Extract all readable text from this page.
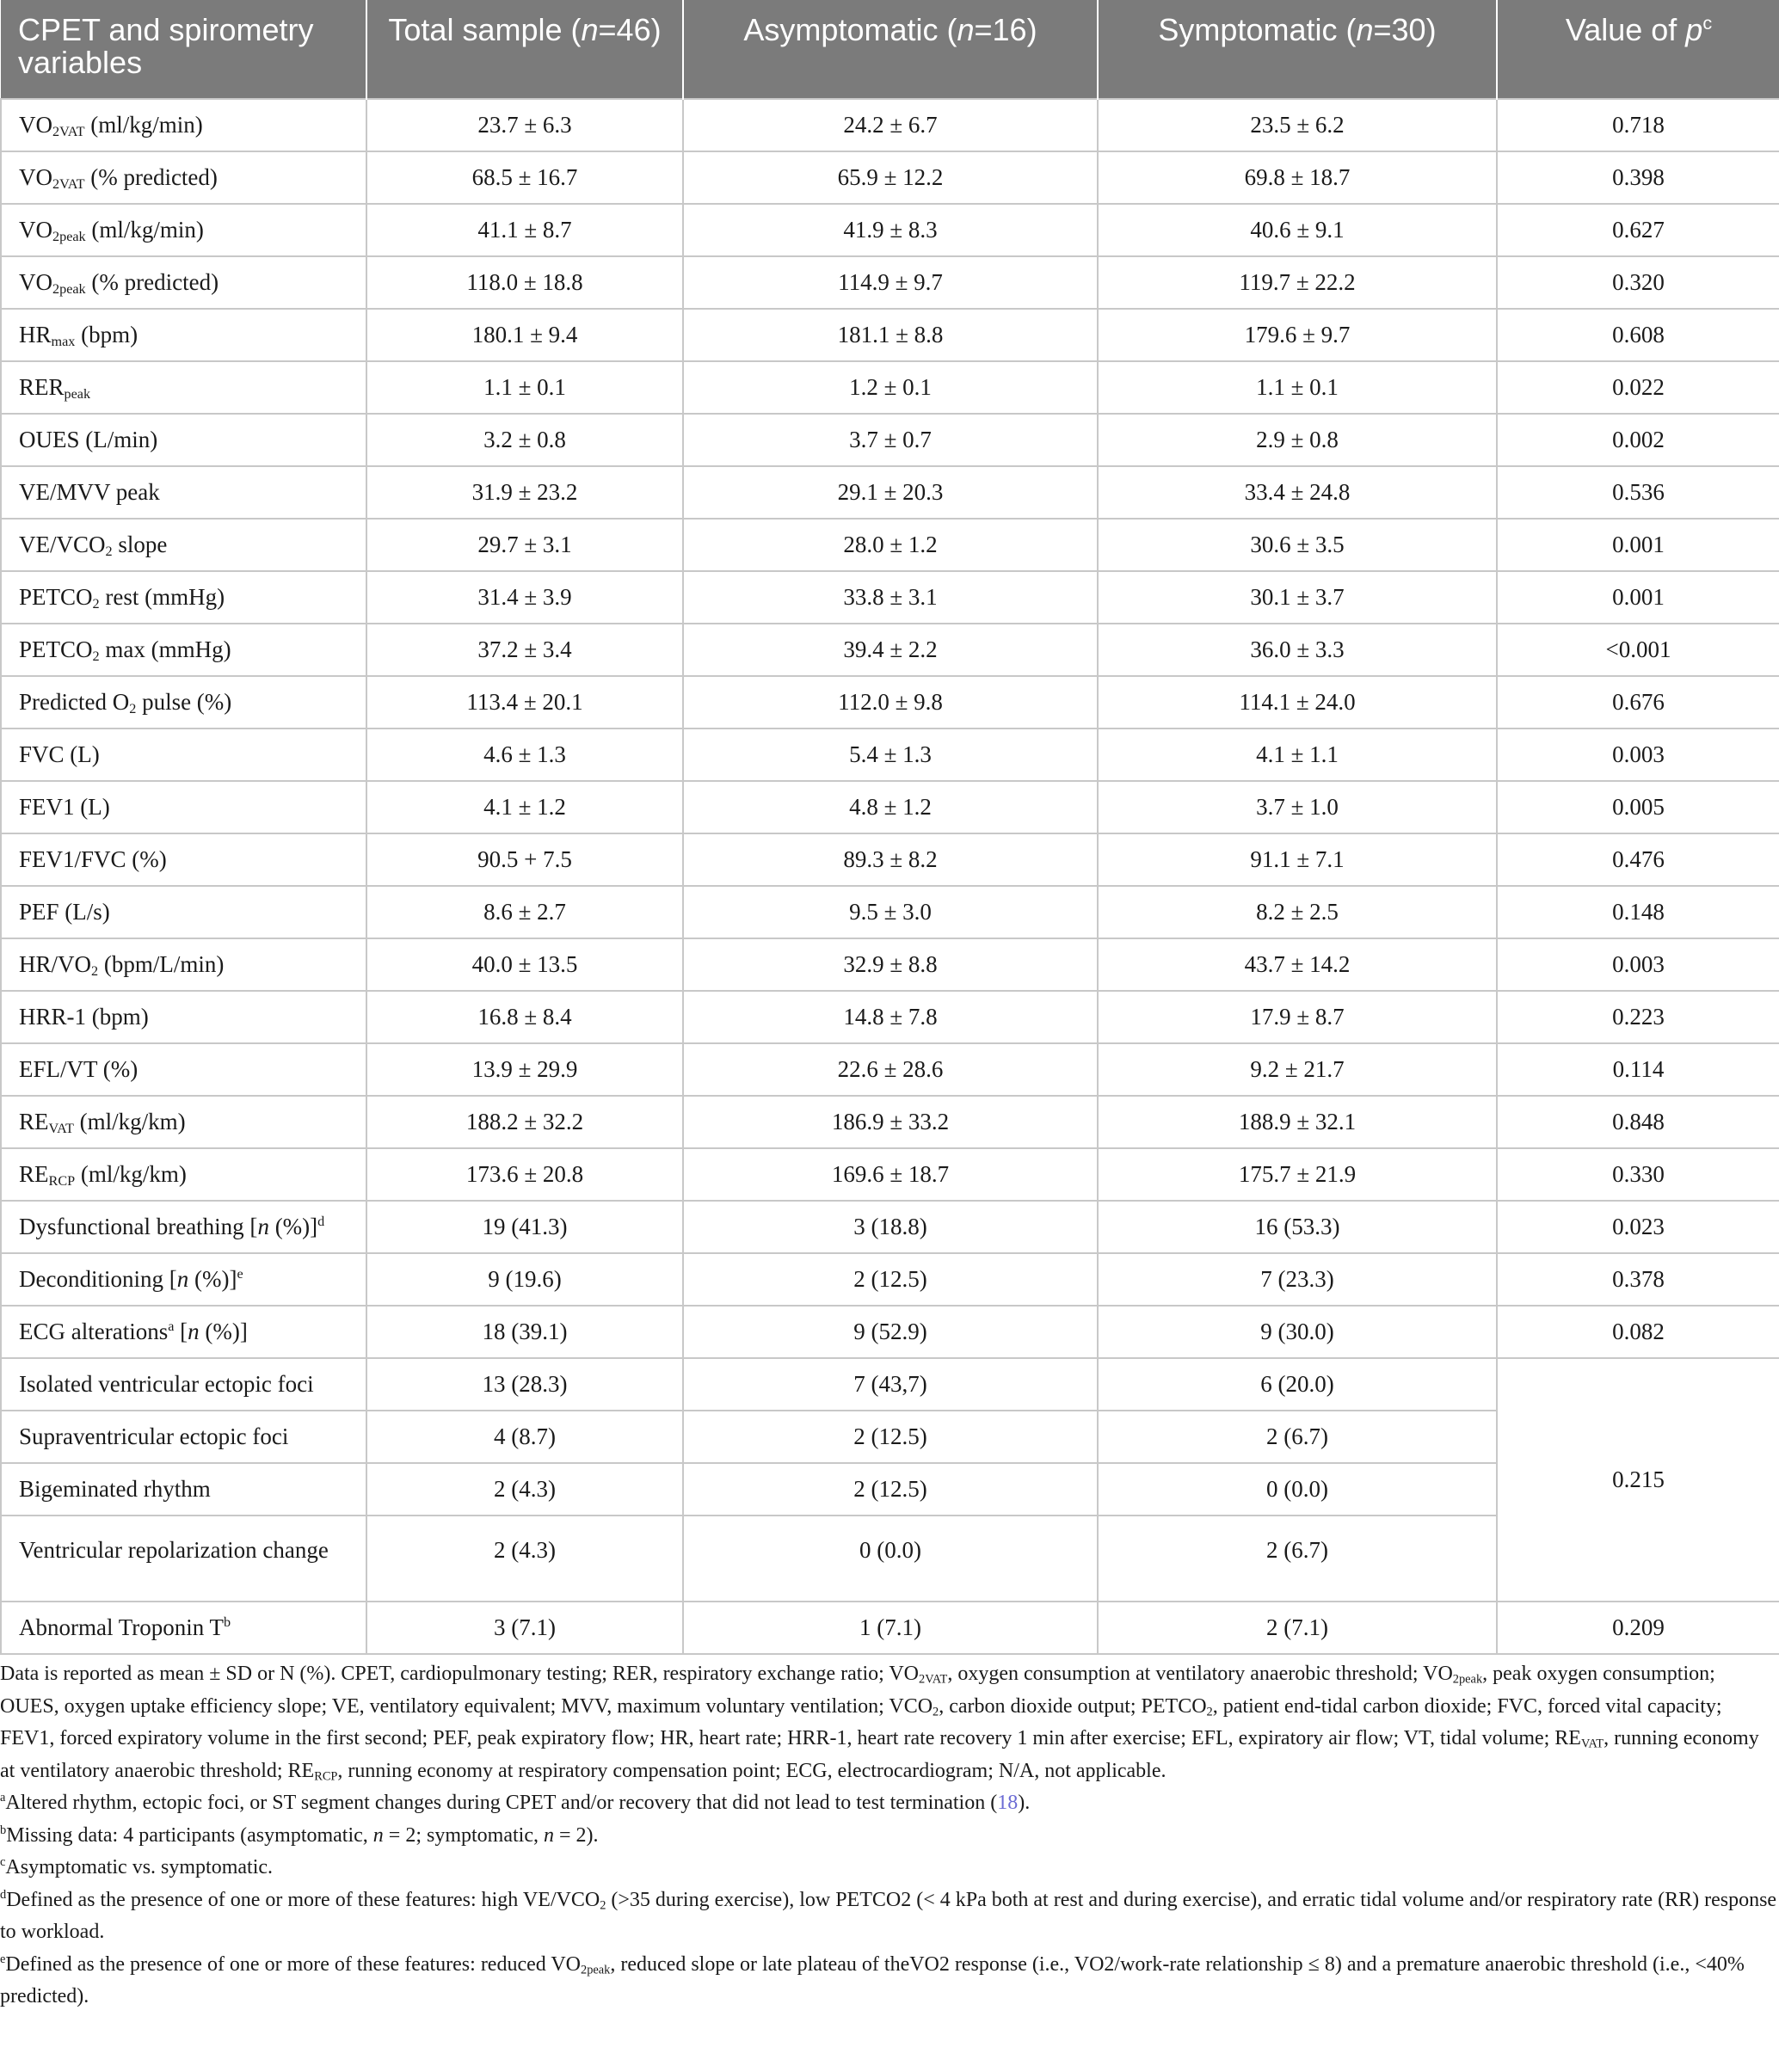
CPET and spirometry variables	Total sample (n=46)	Asymptomatic (n=16)	Symptomatic (n=30)	Value of $p^c$
$VO_{2VAT}$ (ml/kg/min)	23.7 ± 6.3	24.2 ± 6.7	23.5 ± 6.2	0.718
$VO_{2VAT}$ (% predicted)	68.5 ± 16.7	65.9 ± 12.2	69.8 ± 18.7	0.398
$VO_{2peak}$ (ml/kg/min)	41.1 ± 8.7	41.9 ± 8.3	40.6 ± 9.1	0.627
$VO_{2peak}$ (% predicted)	118.0 ± 18.8	114.9 ± 9.7	119.7 ± 22.2	0.320
$HR_{max}$ (bpm)	180.1 ± 9.4	181.1 ± 8.8	179.6 ± 9.7	0.608
$RER_{peak}$	1.1 ± 0.1	1.2 ± 0.1	1.1 ± 0.1	0.022
OUES (L/min)	3.2 ± 0.8	3.7 ± 0.7	2.9 ± 0.8	0.002
VE/MVV peak	31.9 ± 23.2	29.1 ± 20.3	33.4 ± 24.8	0.536
$VE/VCO_2$ slope	29.7 ± 3.1	28.0 ± 1.2	30.6 ± 3.5	0.001
$PETCO_2$ rest (mmHg)	31.4 ± 3.9	33.8 ± 3.1	30.1 ± 3.7	0.001
$PETCO_2$ max (mmHg)	37.2 ± 3.4	39.4 ± 2.2	36.0 ± 3.3	<0.001
Predicted $O_2$ pulse (%)	113.4 ± 20.1	112.0 ± 9.8	114.1 ± 24.0	0.676
FVC (L)	4.6 ± 1.3	5.4 ± 1.3	4.1 ± 1.1	0.003
FEV1 (L)	4.1 ± 1.2	4.8 ± 1.2	3.7 ± 1.0	0.005
FEV1/FVC (%)	90.5 + 7.5	89.3 ± 8.2	91.1 ± 7.1	0.476
PEF (L/s)	8.6 ± 2.7	9.5 ± 3.0	8.2 ± 2.5	0.148
$HR/VO_2$ (bpm/L/min)	40.0 ± 13.5	32.9 ± 8.8	43.7 ± 14.2	0.003
HRR-1 (bpm)	16.8 ± 8.4	14.8 ± 7.8	17.9 ± 8.7	0.223
EFL/VT (%)	13.9 ± 29.9	22.6 ± 28.6	9.2 ± 21.7	0.114
$RE_{VAT}$ (ml/kg/km)	188.2 ± 32.2	186.9 ± 33.2	188.9 ± 32.1	0.848
$RE_{RCP}$ (ml/kg/km)	173.6 ± 20.8	169.6 ± 18.7	175.7 ± 21.9	0.330
Dysfunctional breathing [n (%)]$^d$	19 (41.3)	3 (18.8)	16 (53.3)	0.023
Deconditioning [n (%)]$^e$	9 (19.6)	2 (12.5)	7 (23.3)	0.378
ECG alterations$^a$ [n (%)]	18 (39.1)	9 (52.9)	9 (30.0)	0.082
Isolated ventricular ectopic foci	13 (28.3)	7 (43,7)	6 (20.0)	0.215
Supraventricular ectopic foci	4 (8.7)	2 (12.5)	2 (6.7)	
Bigeminated rhythm	2 (4.3)	2 (12.5)	0 (0.0)	
Ventricular repolarization change	2 (4.3)	0 (0.0)	2 (6.7)	
Abnormal Troponin $T^b$	3 (7.1)	1 (7.1)	2 (7.1)	0.209

Data is reported as mean ± SD or N (%). CPET, cardiopulmonary testing; RER, respiratory exchange ratio; $VO_{2VAT}$, oxygen consumption at ventilatory anaerobic threshold; $VO_{2peak}$, peak oxygen consumption; OUES, oxygen uptake efficiency slope; VE, ventilatory equivalent; MVV, maximum voluntary ventilation; $VCO_2$, carbon dioxide output; $PETCO_2$, patient end-tidal carbon dioxide; FVC, forced vital capacity; FEV1, forced expiratory volume in the first second; PEF, peak expiratory flow; HR, heart rate; HRR-1, heart rate recovery 1 min after exercise; EFL, expiratory air flow; VT, tidal volume; $RE_{VAT}$, running economy at ventilatory anaerobic threshold; $RE_{RCP}$, running economy at respiratory compensation point; ECG, electrocardiogram; N/A, not applicable.

$^a$Altered rhythm, ectopic foci, or ST segment changes during CPET and/or recovery that did not lead to test termination (18).

$^b$Missing data: 4 participants (asymptomatic, n = 2; symptomatic, n = 2).

$^c$Asymptomatic vs. symptomatic.

$^d$Defined as the presence of one or more of these features: high $VE/VCO_2$ (>35 during exercise), low PETCO2 (< 4 kPa both at rest and during exercise), and erratic tidal volume and/or respiratory rate (RR) response to workload.

$^e$Defined as the presence of one or more of these features: reduced $VO_{2peak}$, reduced slope or late plateau of theVO2 response (i.e., VO2/work-rate relationship ≤ 8) and a premature anaerobic threshold (i.e., <40% predicted).
